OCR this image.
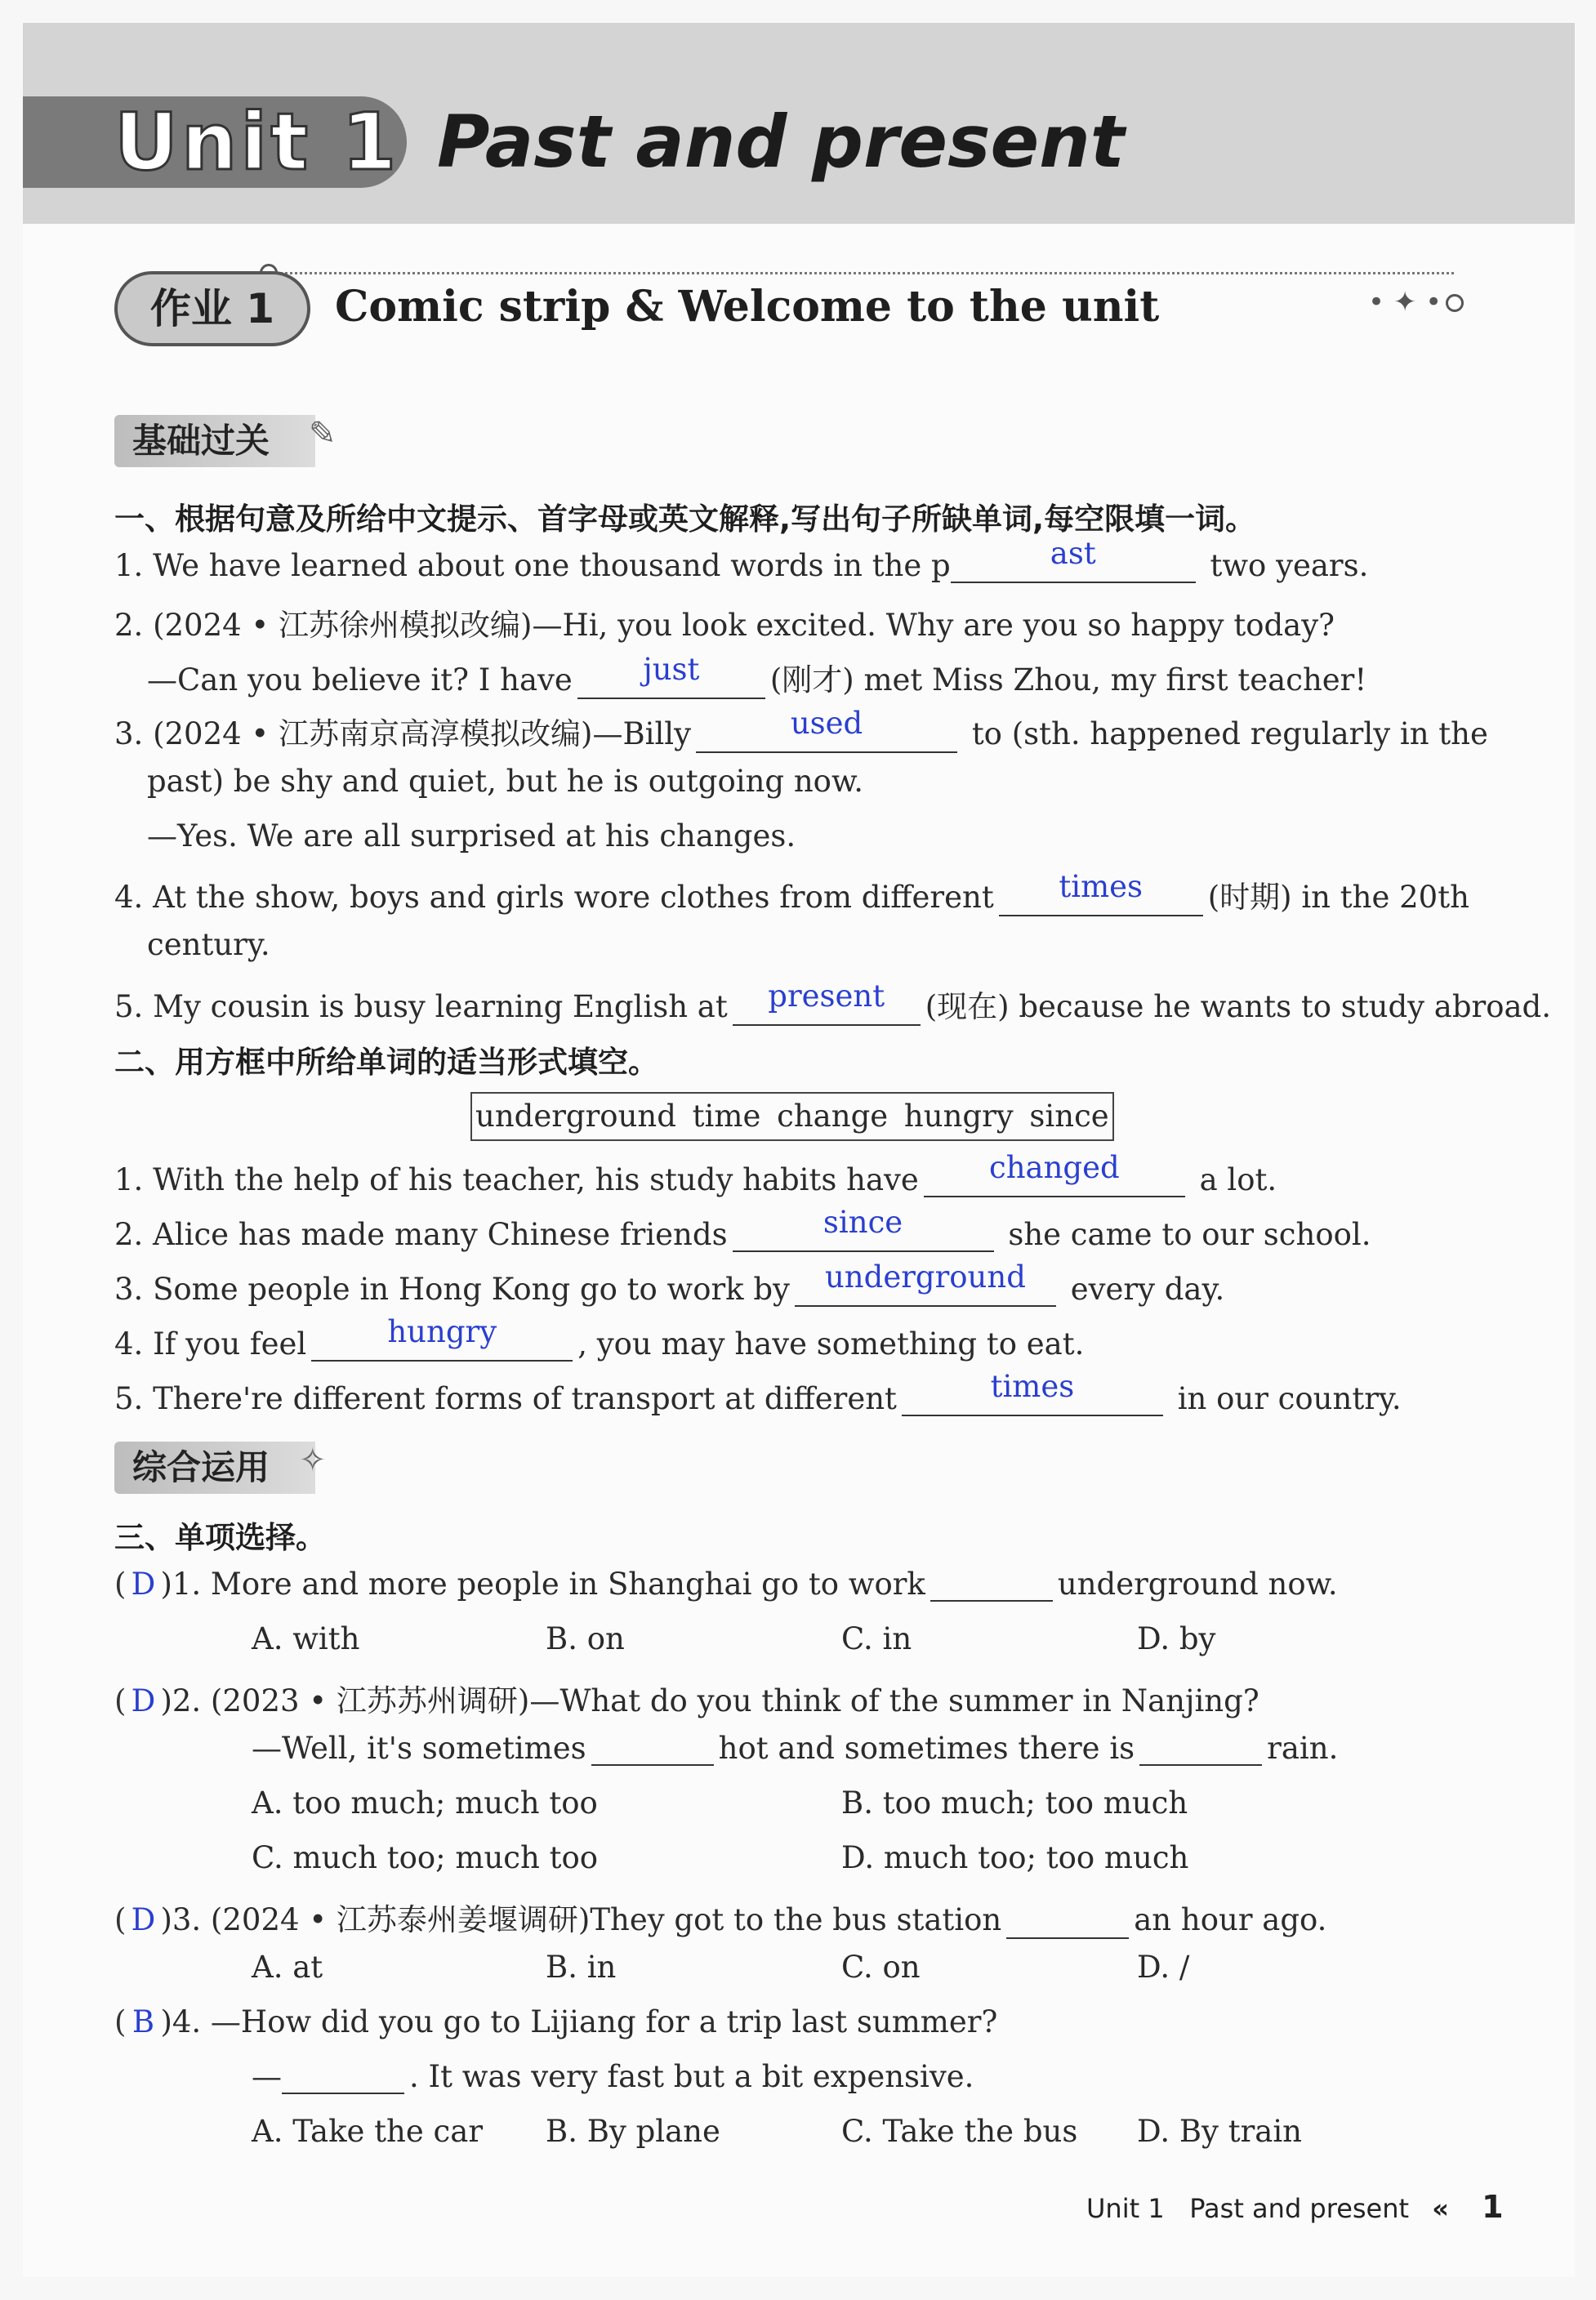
Unit 1 Past and present
作业 1	Comic strip & Welcome to the unit	• ✦ •
基础过关	✎
一、根据句意及所给中文提示、首字母或英文解释,写出句子所缺单词,每空限填一词。
1. We have learned about one thousand words in the p	ast	two years.
2. (2024 • 江苏徐州模拟改编)—Hi, you look excited. Why are you so happy today?
—Can you believe it? I have just (刚才) met Miss Zhou, my first teacher!
3. (2024 • 江苏南京高淳模拟改编)—Billy	used	to (sth. happened regularly in the
past) be shy and quiet, but he is outgoing now.
—Yes. We are all surprised at his changes.
4. At the show, boys and girls wore clothes from different times (时期) in the 20th
century.
5. My cousin is busy learning English at present (现在) because he wants to study abroad.
二、用方框中所给单词的适当形式填空。
underground time change hungry since
1. With the help of his teacher, his study habits have changed	a lot.
2. Alice has made many Chinese friends	since	she came to our school.
3. Some people in Hong Kong go to work by underground every day.
4. If you feel	hungry	, you may have something to eat.
5. There're different forms of transport at different	times	in our country.
综合运用 ✧
三、单项选择。
( D )1. More and more people in Shanghai go to work	underground now.
A. with	B. on	C. in	D. by
( D )2. (2023 • 江苏苏州调研)—What do you think of the summer in Nanjing?
—Well, it's sometimes	hot and sometimes there is	rain.
A. too much; much too	B. too much; too much
C. much too; much too	D. much too; too much
( D )3. (2024 • 江苏泰州姜堰调研)They got to the bus station	an hour ago.
A. at	B. in	C. on	D. /
( B )4. —How did you go to Lijiang for a trip last summer?
—	. It was very fast but a bit expensive.
A. Take the car B. By plane	C. Take the bus D. By train
Unit 1   Past and present « 1
